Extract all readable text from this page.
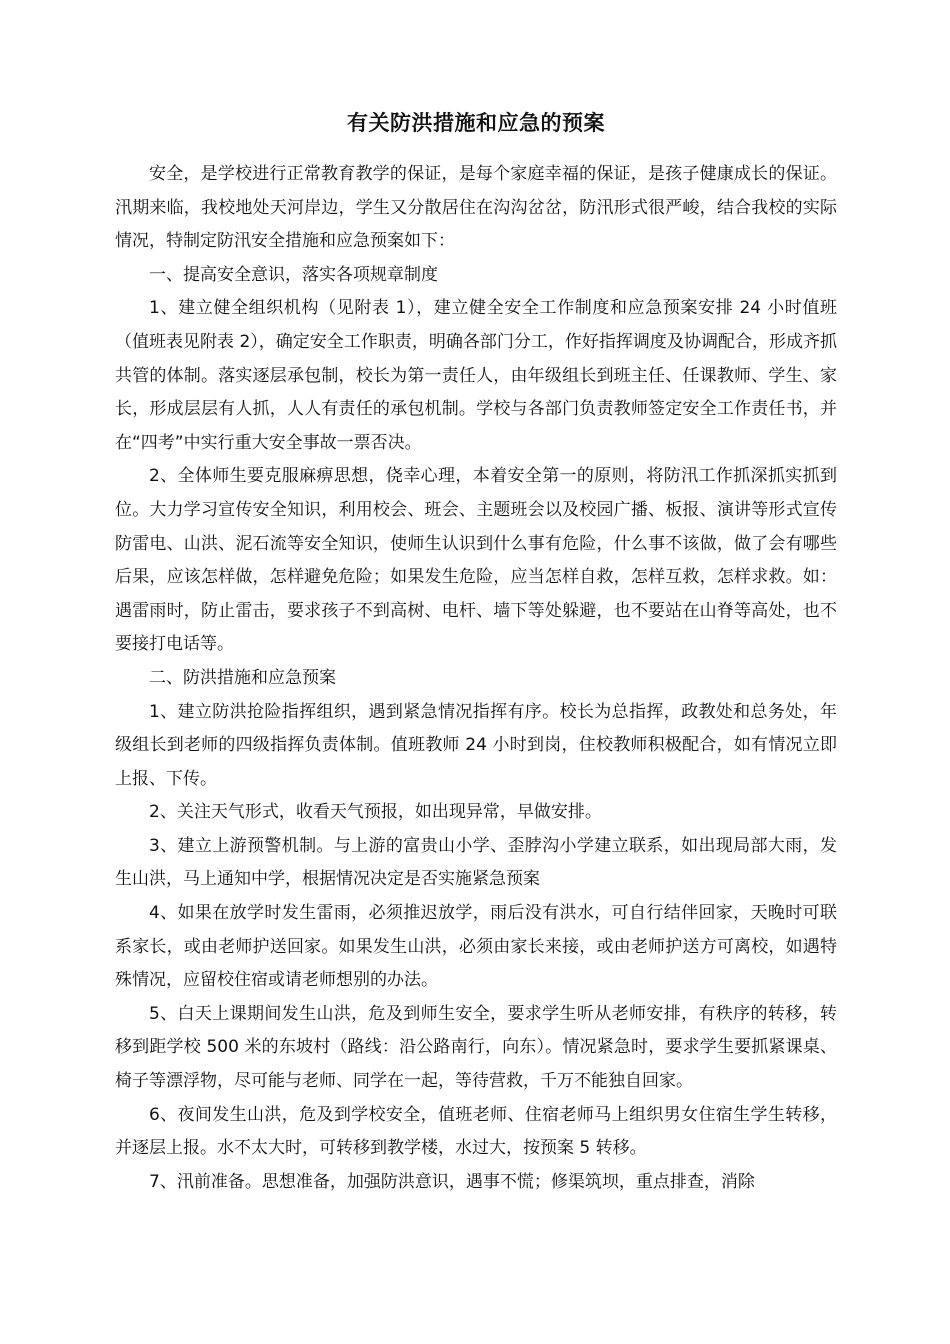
有关防洪措施和应急的预案

安全，是学校进行正常教育教学的保证，是每个家庭幸福的保证，是孩子健康成长的保证。汛期来临，我校地处天河岸边，学生又分散居住在沟沟岔岔，防汛形式很严峻，结合我校的实际情况，特制定防汛安全措施和应急预案如下：

一、提高安全意识，落实各项规章制度

1、建立健全组织机构（见附表 1），建立健全安全工作制度和应急预案安排 24 小时值班（值班表见附表 2），确定安全工作职责，明确各部门分工，作好指挥调度及协调配合，形成齐抓共管的体制。落实逐层承包制，校长为第一责任人，由年级组长到班主任、任课教师、学生、家长，形成层层有人抓，人人有责任的承包机制。学校与各部门负责教师签定安全工作责任书，并在“四考”中实行重大安全事故一票否决。

2、全体师生要克服麻痹思想，侥幸心理，本着安全第一的原则，将防汛工作抓深抓实抓到位。大力学习宣传安全知识，利用校会、班会、主题班会以及校园广播、板报、演讲等形式宣传防雷电、山洪、泥石流等安全知识，使师生认识到什么事有危险，什么事不该做，做了会有哪些后果，应该怎样做，怎样避免危险；如果发生危险，应当怎样自救，怎样互救，怎样求救。如：遇雷雨时，防止雷击，要求孩子不到高树、电杆、墙下等处躲避，也不要站在山脊等高处，也不要接打电话等。

二、防洪措施和应急预案

1、建立防洪抢险指挥组织，遇到紧急情况指挥有序。校长为总指挥，政教处和总务处，年级组长到老师的四级指挥负责体制。值班教师 24 小时到岗，住校教师积极配合，如有情况立即上报、下传。

2、关注天气形式，收看天气预报，如出现异常，早做安排。

3、建立上游预警机制。与上游的富贵山小学、歪脖沟小学建立联系，如出现局部大雨，发生山洪，马上通知中学，根据情况决定是否实施紧急预案

4、如果在放学时发生雷雨，必须推迟放学，雨后没有洪水，可自行结伴回家，天晚时可联系家长，或由老师护送回家。如果发生山洪，必须由家长来接，或由老师护送方可离校，如遇特殊情况，应留校住宿或请老师想别的办法。

5、白天上课期间发生山洪，危及到师生安全，要求学生听从老师安排，有秩序的转移，转移到距学校 500 米的东坡村（路线：沿公路南行，向东）。情况紧急时，要求学生要抓紧课桌、椅子等漂浮物，尽可能与老师、同学在一起，等待营救，千万不能独自回家。

6、夜间发生山洪，危及到学校安全，值班老师、住宿老师马上组织男女住宿生学生转移，并逐层上报。水不太大时，可转移到教学楼，水过大，按预案 5 转移。

7、汛前准备。思想准备，加强防洪意识，遇事不慌；修渠筑坝，重点排查，消除
